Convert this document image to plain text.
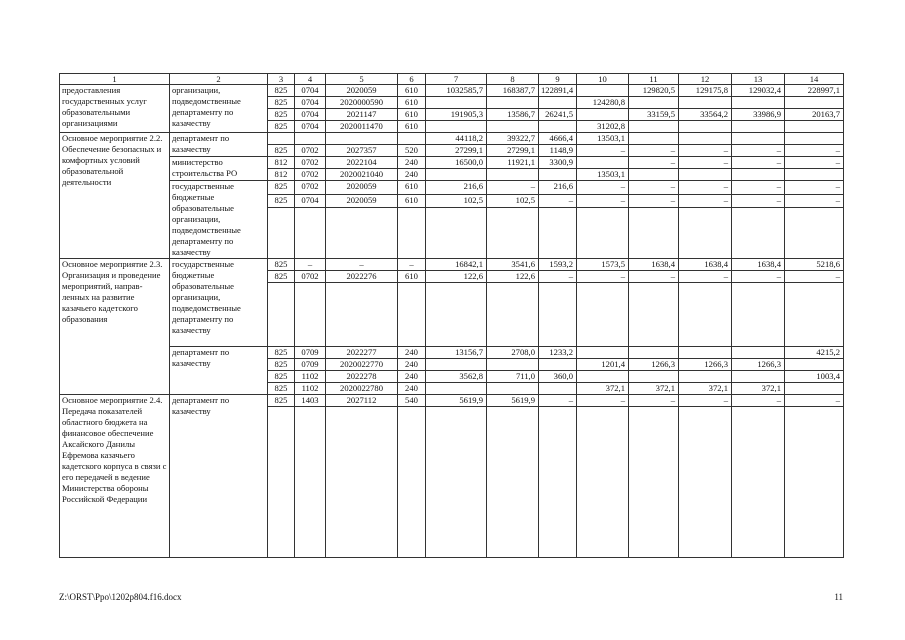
1	2	3	4	5	6	7	8	9	10	11	12	13	14
предоставления государственных услуг образовательными организациями	организации, подведомственные департаменту по казачеству	825	0704	2020059	610	1032585,7	168387,7	122891,4		129820,5	129175,8	129032,4	228997,1
		825	0704	2020000590	610				124280,8				
		825	0704	2021147	610	191905,3	13586,7	26241,5		33159,5	33564,2	33986,9	20163,7
		825	0704	2020011470	610				31202,8				
Основное мероприятие 2.2. Обеспечение безопасных и комфортных условий образовательной деятельности	департамент по казачеству					44118,2	39322,7	4666,4	13503,1				
		825	0702	2027357	520	27299,1	27299,1	1148,9	–	–	–	–	–
	министерство строительства РО	812	0702	2022104	240	16500,0	11921,1	3300,9		–	–	–	–
		812	0702	2020021040	240				13503,1				
	государственные бюджетные образовательные организации, подведомственные департаменту по казачеству	825	0702	2020059	610	216,6	–	216,6	–	–	–	–	–
		825	0704	2020059	610	102,5	102,5	–	–	–	–	–	–

Основное мероприятие 2.3. Организация и проведение мероприятий, направ-ленных на развитие казачьего кадетского образования	государственные бюджетные образовательные организации, подведомственные департаменту по казачеству	825	–	–	–	16842,1	3541,6	1593,2	1573,5	1638,4	1638,4	1638,4	5218,6
		825	0702	2022276	610	122,6	122,6	–	–	–	–	–	–

	департамент по казачеству	825	0709	2022277	240	13156,7	2708,0	1233,2					4215,2
		825	0709	2020022770	240				1201,4	1266,3	1266,3	1266,3	
		825	1102	2022278	240	3562,8	711,0	360,0					1003,4
		825	1102	2020022780	240				372,1	372,1	372,1	372,1	
Основное мероприятие 2.4. Передача показателей областного бюджета на финансовое обеспечение Аксайского Данилы Ефремова казачьего кадетского корпуса в связи с его передачей в ведение Министерства обороны Российской Федерации	департамент по казачеству	825	1403	2027112	540	5619,9	5619,9	–	–	–	–	–	–

Z:\ORST\Ppo\1202p804.f16.docx	11
